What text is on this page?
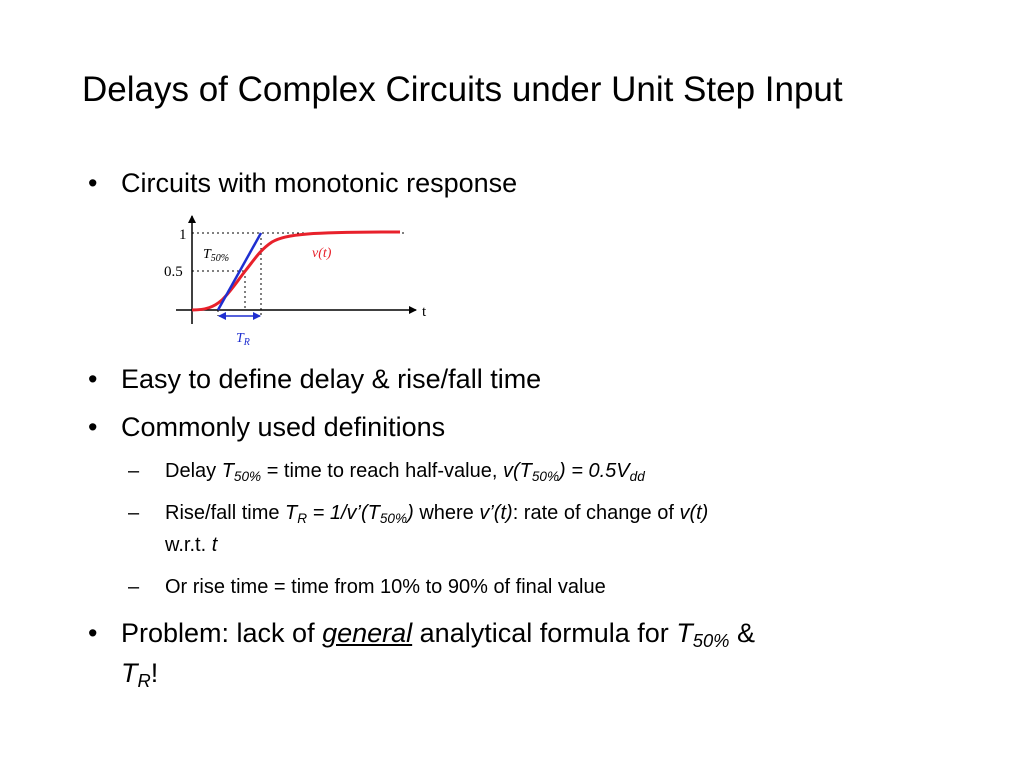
Delays of Complex Circuits under Unit Step Input
• Circuits with monotonic response
1
0.5
t
$T_{50\%}$	v(t)
$T_R$
• Easy to define delay & rise/fall time
• Commonly used definitions
– Delay $T_{50\%}$ = time to reach half-value, $v(T_{50\%}) = 0.5V_{dd}$
– Rise/fall time $T_R$ = $1/v’(T_{50\%})$ where v’(t): rate of change of v(t)
w.r.t. t
– Or rise time = time from 10% to 90% of final value
• Problem: lack of general analytical formula for $T_{50\%}$ &
$T_R$!
